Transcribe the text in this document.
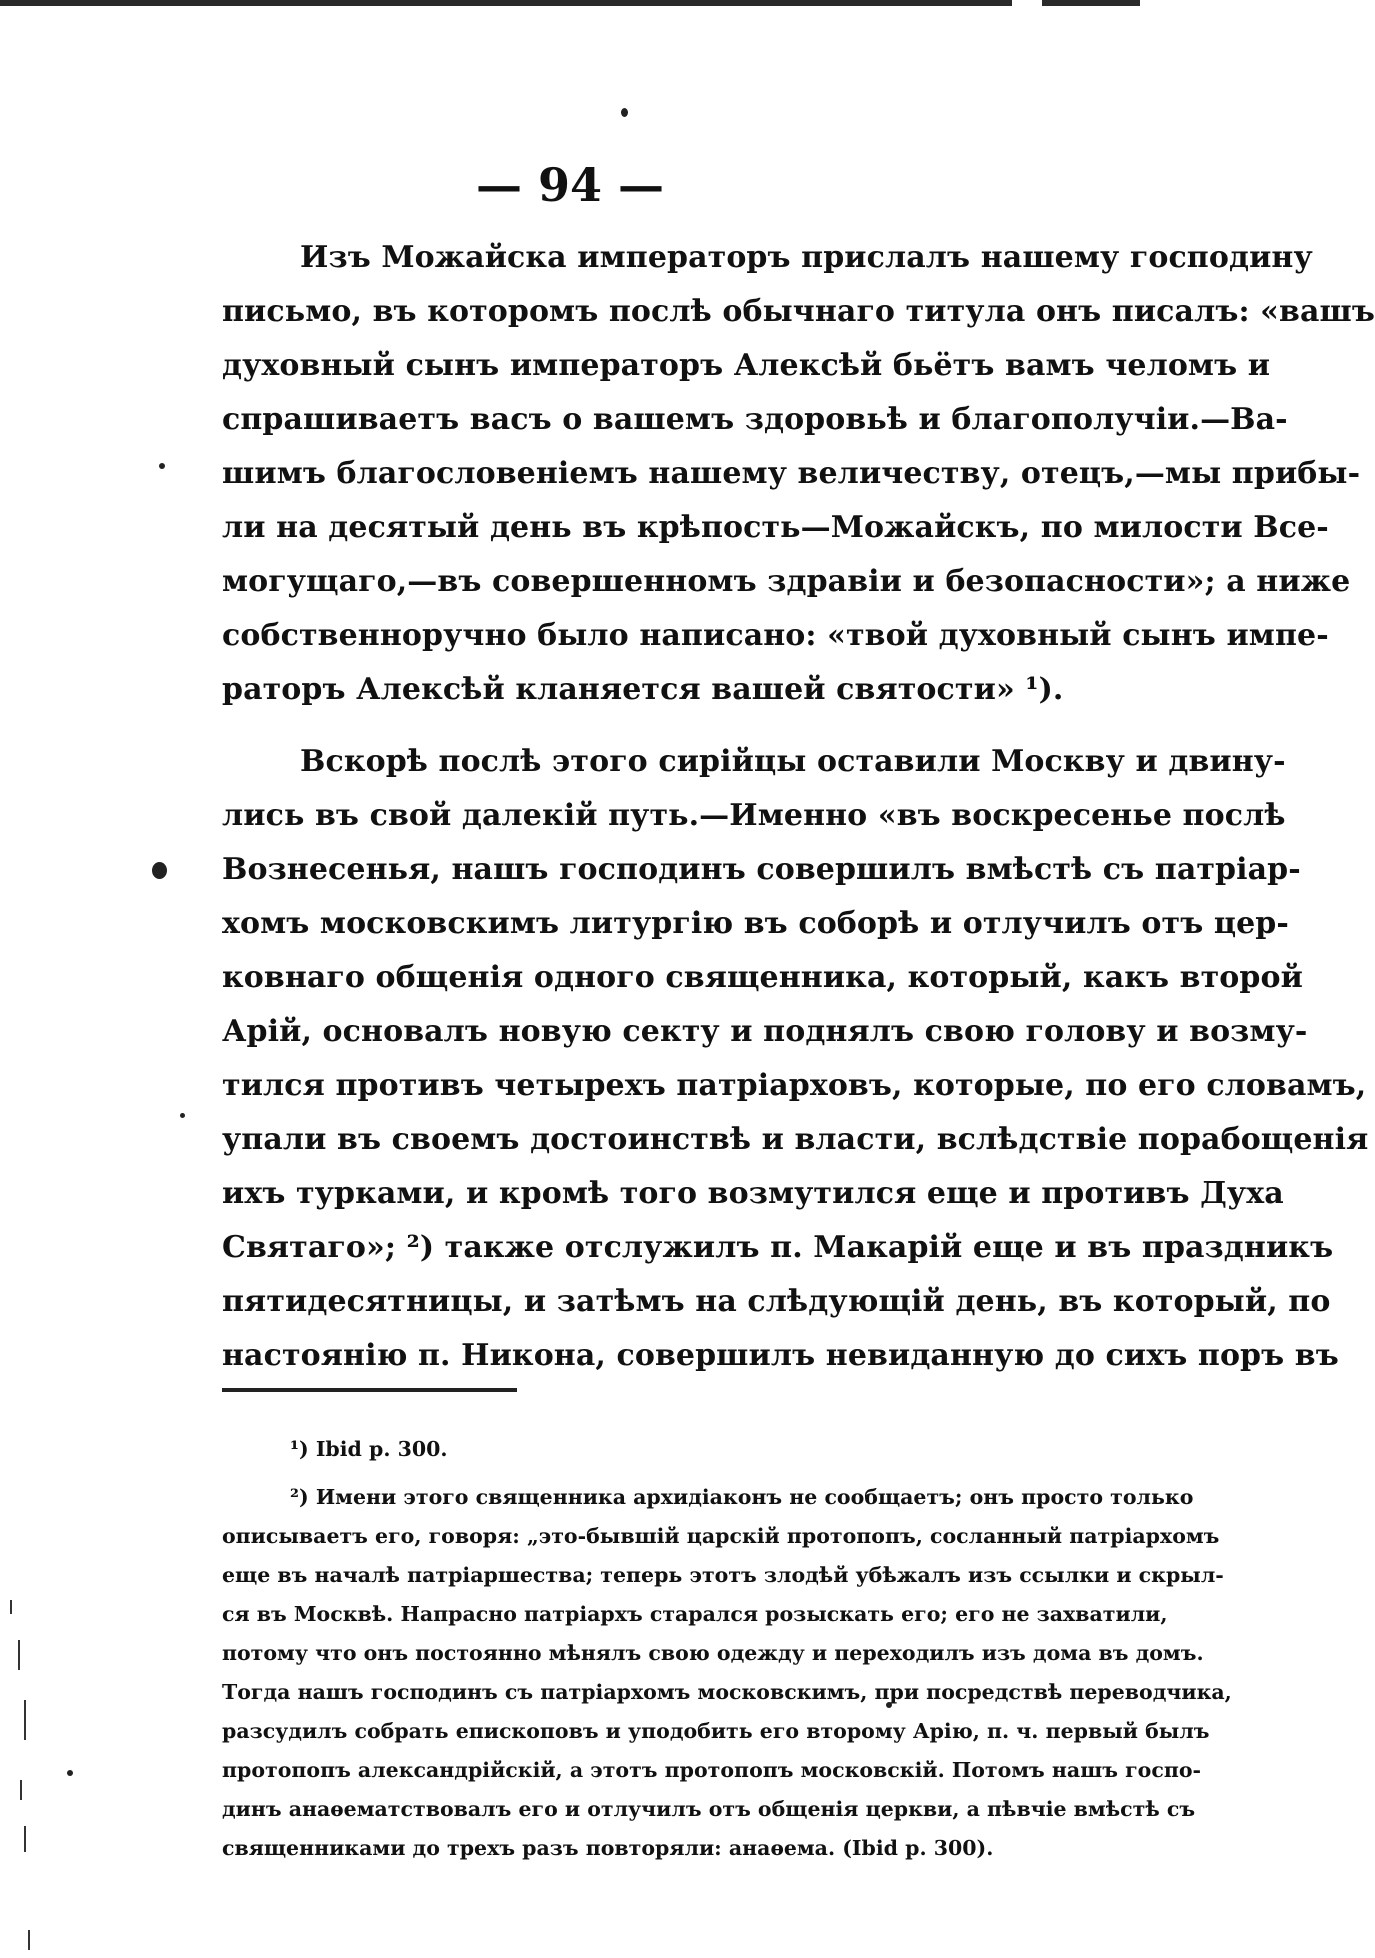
— 94 —

Изъ Можайска императоръ прислалъ нашему господину

письмо, въ которомъ послѣ обычнаго титула онъ писалъ: «вашъ

духовный сынъ императоръ Алексѣй бьётъ вамъ челомъ и

спрашиваетъ васъ о вашемъ здоровьѣ и благополучіи.—Ва-

шимъ благословеніемъ нашему величеству, отецъ,—мы прибы-

ли на десятый день въ крѣпость—Можайскъ, по милости Все-

могущаго,—въ совершенномъ здравіи и безопасности»; а ниже

собственноручно было написано: «твой духовный сынъ импе-

раторъ Алексѣй кланяется вашей святости» ¹).

Вскорѣ послѣ этого сирійцы оставили Москву и двину-

лись въ свой далекій путь.—Именно «въ воскресенье послѣ

Вознесенья, нашъ господинъ совершилъ вмѣстѣ съ патріар-

хомъ московскимъ литургію въ соборѣ и отлучилъ отъ цер-

ковнаго общенія одного священника, который, какъ второй

Арій, основалъ новую секту и поднялъ свою голову и возму-

тился противъ четырехъ патріарховъ, которые, по его словамъ,

упали въ своемъ достоинствѣ и власти, вслѣдствіе порабощенія

ихъ турками, и кромѣ того возмутился еще и противъ Духа

Святаго»; ²) также отслужилъ п. Макарій еще и въ праздникъ

пятидесятницы, и затѣмъ на слѣдующій день, въ который, по

настоянію п. Никона, совершилъ невиданную до сихъ поръ въ

¹) Ibid p. 300.

²) Имени этого священника архидіаконъ не сообщаетъ; онъ просто только

описываетъ его, говоря: „это-бывшій царскій протопопъ, сосланный патріархомъ

еще въ началѣ патріаршества; теперь этотъ злодѣй убѣжалъ изъ ссылки и скрыл-

ся въ Москвѣ. Напрасно патріархъ старался розыскать его; его не захватили,

потому что онъ постоянно мѣнялъ свою одежду и переходилъ изъ дома въ домъ.

Тогда нашъ господинъ съ патріархомъ московскимъ, при посредствѣ переводчика,

разсудилъ собрать епископовъ и уподобить его второму Арію, п. ч. первый былъ

протопопъ александрійскій, а этотъ протопопъ московскій. Потомъ нашъ госпо-

динъ анаѳематствовалъ его и отлучилъ отъ общенія церкви, а пѣвчіе вмѣстѣ съ

священниками до трехъ разъ повторяли: анаѳема. (Ibid p. 300).
